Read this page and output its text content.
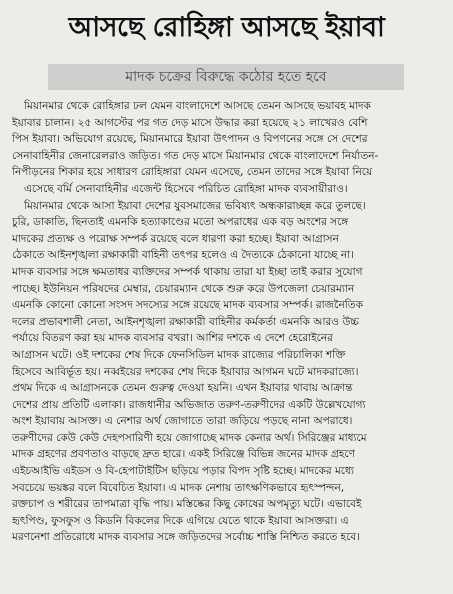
আসছে রোহিঙ্গা আসছে ইয়াবা
মাদক চক্রের বিরুদ্ধে কঠোর হতে হবে
মিয়ানমার থেকে রোহিঙ্গার ঢল যেমন বাংলাদেশে আসছে তেমন আসছে ভয়াবহ মাদক
ইয়াবার চালান। ২৫ আগস্টের পর গত দেড় মাসে উদ্ধার করা হয়েছে ২১ লাখেরও বেশি
পিস ইয়াবা। অভিযোগ রয়েছে, মিয়ানমারে ইয়াবা উৎপাদন ও বিপণনের সঙ্গে সে দেশের
সেনাবাহিনীর জেনারেলরাও জড়িত। গত দেড় মাসে মিয়ানমার থেকে বাংলাদেশে নির্যাতন-
নিপীড়নের শিকার হয়ে সাধারণ রোহিঙ্গারা যেমন এসেছে, তেমন তাদের সঙ্গে ইয়াবা নিয়ে
এসেছে বর্মি সেনাবাহিনীর এজেন্ট হিসেবে পরিচিত রোহিঙ্গা মাদক ব্যবসায়ীরাও।
মিয়ানমার থেকে আসা ইয়াবা দেশের যুবসমাজের ভবিষ্যৎ অন্ধকারাচ্ছন্ন করে তুলছে।
চুরি, ডাকাতি, ছিনতাই এমনকি হত্যাকাণ্ডের মতো অপরাধের এক বড় অংশের সঙ্গে
মাদকের প্রত্যক্ষ ও পরোক্ষ সম্পর্ক রয়েছে বলে ধারণা করা হচ্ছে। ইয়াবা আগ্রাসন
ঠেকাতে আইনশৃঙ্খলা রক্ষাকারী বাহিনী তৎপর হলেও এ দৈত্যকে ঠেকানো যাচ্ছে না।
মাদক ব্যবসার সঙ্গে ক্ষমতাধর ব্যক্তিদের সম্পর্ক থাকায় তারা যা ইচ্ছা তাই করার সুযোগ
পাচ্ছে। ইউনিয়ন পরিষদের মেম্বার, চেয়ারম্যান থেকে শুরু করে উপজেলা চেয়ারম্যান
এমনকি কোনো কোনো সংসদ সদস্যের সঙ্গে রয়েছে মাদক ব্যবসার সম্পর্ক। রাজনৈতিক
দলের প্রভাবশালী নেতা, আইনশৃঙ্খলা রক্ষাকারী বাহিনীর কর্মকর্তা এমনকি আরও উচ্চ
পর্যায়ে বিতরণ করা হয় মাদক ব্যবসার বখরা। আশির দশকে এ দেশে হেরোইনের
আগ্রাসন ঘটে। ওই দশকের শেষ দিকে ফেনসিডিল মাদক রাজ্যের পরিচালিকা শক্তি
হিসেবে আবির্ভূত হয়। নব্বইয়ের দশকের শেষ দিকে ইয়াবার আগমন ঘটে মাদকরাজ্যে।
প্রথম দিকে এ আগ্রাসনকে তেমন গুরুত্ব দেওয়া হয়নি। এখন ইয়াবার থাবায় আক্রান্ত
দেশের প্রায় প্রতিটি এলাকা। রাজধানীর অভিজাত তরুণ-তরুণীদের একটি উল্লেখযোগ্য
অংশ ইয়াবায় আসক্ত। এ নেশার অর্থ জোগাতে তারা জড়িয়ে পড়ছে নানা অপরাধে।
তরুণীদের কেউ কেউ দেহপসারিণী হয়ে জোগাচ্ছে মাদক কেনার অর্থ। সিরিঞ্জের মাধ্যমে
মাদক গ্রহণের প্রবণতাও বাড়ছে দ্রুত হারে। একই সিরিঞ্জে বিভিন্ন জনের মাদক গ্রহণে
এইচআইভি এইডস ও বি-হেপাটাইটিস ছড়িয়ে পড়ার বিপদ সৃষ্টি হচ্ছে। মাদকের মধ্যে
সবচেয়ে ভয়ঙ্কর বলে বিবেচিত ইয়াবা। এ মাদক নেশায় তাৎক্ষণিকভাবে হৃৎস্পন্দন,
রক্তচাপ ও শরীরের তাপমাত্রা বৃদ্ধি পায়। মস্তিষ্কের কিছু কোষের অপমৃত্যু ঘটে। এভাবেই
হৃৎপিণ্ড, ফুসফুস ও কিডনি বিকলের দিকে এগিয়ে যেতে থাকে ইয়াবা আসক্তরা। এ
মরণনেশা প্রতিরোধে মাদক ব্যবসার সঙ্গে জড়িতদের সর্বোচ্চ শাস্তি নিশ্চিত করতে হবে।
